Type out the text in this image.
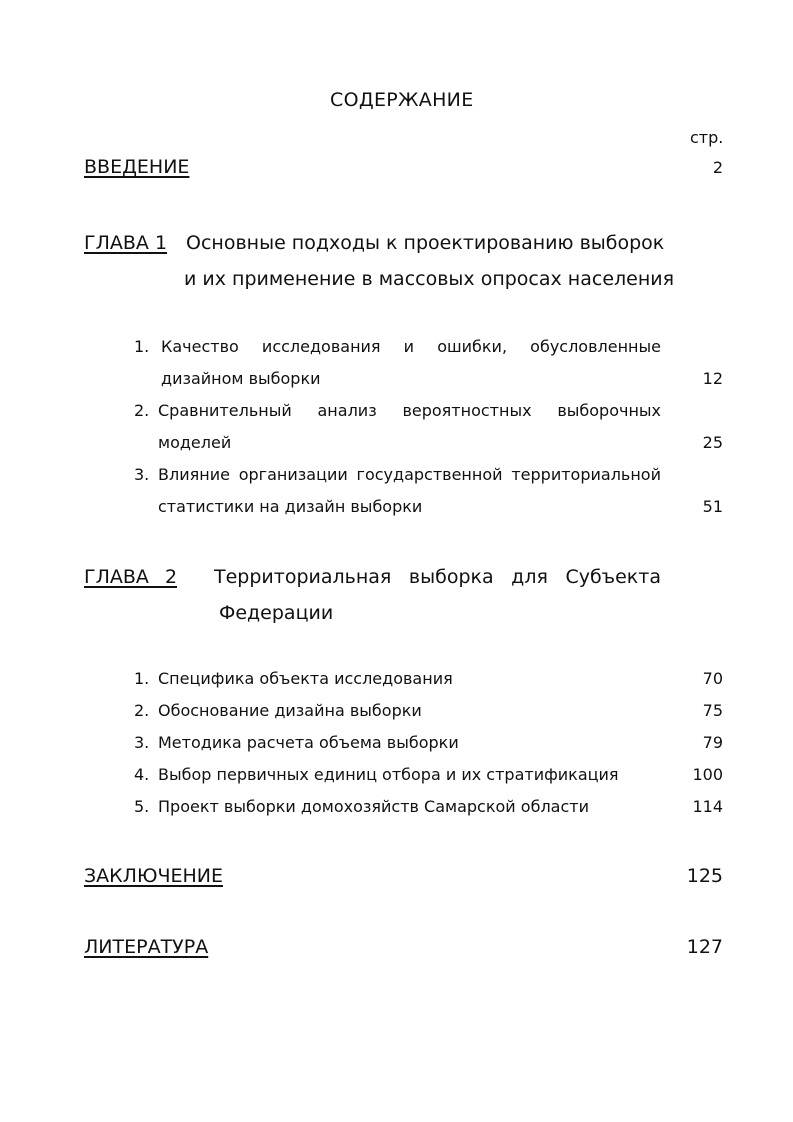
СОДЕРЖАНИЕ
стр.
ВВЕДЕНИЕ	2
ГЛАВА 1 Основные подходы к проектированию выборок
и их применение в массовых опросах населения
1. Качество исследования и ошибки, обусловленные
дизайном выборки	12
2. Сравнительный анализ вероятностных выборочных
моделей	25
3. Влияние организации государственной территориальной
статистики на дизайн выборки	51
ГЛАВА 2	Территориальная выборка для Субъекта
Федерации
1. Специфика объекта исследования	70
2. Обоснование дизайна выборки	75
3. Методика расчета объема выборки	79
4. Выбор первичных единиц отбора и их стратификация	100
5. Проект выборки домохозяйств Самарской области	114
ЗАКЛЮЧЕНИЕ	125
ЛИТЕРАТУРА	127
